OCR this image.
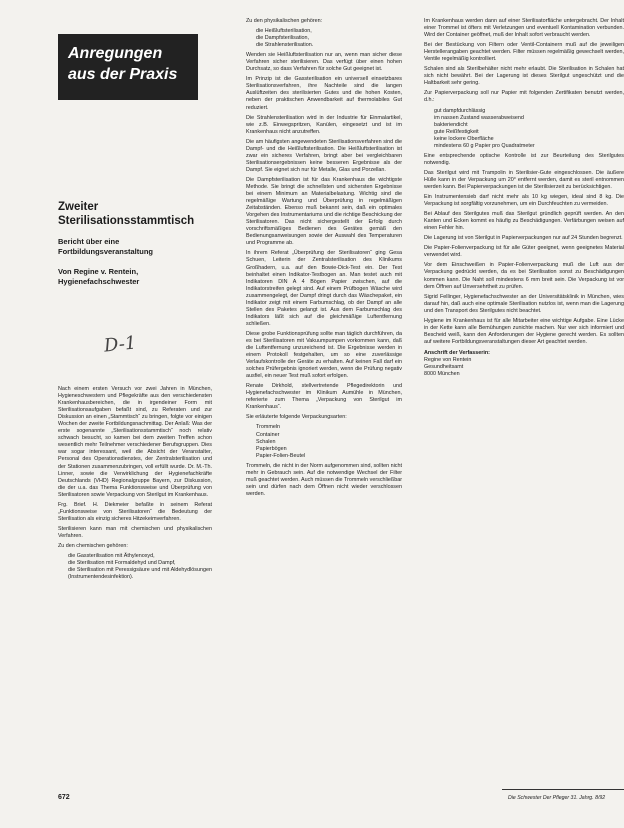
Anregungen
aus der Praxis
Zweiter Sterilisationsstammtisch
Bericht über eine Fortbildungsveranstaltung
Von Regine v. Rentein, Hygienefachschwester
D-1

Nach einem ersten Versuch vor zwei Jahren in München, Hygieneschwestern und Pflegekräfte aus den verschiedensten Krankenhausbereichen, die in irgendeiner Form mit Sterilisationsaufgaben befaßt sind, zu Referaten und zur Diskussion an einen „Stammtisch“ zu bringen, folgte vor einigen Wochen der zweite Fortbildungsnachmittag. Der Anlaß: Was der erste sogenannte „Sterilisationsstammtisch“ noch relativ schwach besucht, so kamen bei dem zweiten Treffen schon wesentlich mehr Teilnehmer verschiedener Berufsgruppen. Dies war sogar interessant, weil die Absicht der Veranstalter, Personal des Operationsdienstes, der Zentralsterilisation und der Stationen zusammenzubringen, voll erfüllt wurde. Dr. M.-Th. Linner, sowie die Verwirklichung der Hygienefachkräfte Deutschlands (VHD) Regionalgruppe Bayern, zur Diskussion, die der u.a. das Thema Funktionsweise und Überprüfung von Sterilisatoren sowie Verpackung von Sterilgut im Krankenhaus.

Frg. Brief. H. Diekmeier befaßte in seinem Referat „Funktionsweise von Sterilisatoren“ die Bedeutung der Sterilisation als einzig sicheres Hitzekeimverfahren.

Sterilisieren kann man mit chemischen und physikalischen Verfahren.

Zu den chemischen gehören:

die Gassterilisation mit Äthylenoxyd,
die Sterilisation mit Formaldehyd und Dampf,
die Sterilisation mit Peressigsäure und mit Aldehydlösungen (Instrumentendesinfektion).

Zu den physikalischen gehören:

die Heißluftsterilisation,
die Dampfsterilisation,
die Strahlensterilisation.

Wenden sie Heißluftsterilisation nur an, wenn man sicher diese Verfahren sicher sterilisieren. Das verfügt über einen hohen Durchsatz, so dass Verfahren für solche Gut geeignet ist.

Im Prinzip ist die Gassterilisation ein universell einsetzbares Sterilisationsverfahren, ihre Nachteile sind die langen Auslüftzeiten des sterilisierten Gutes und die hohen Kosten, neben der praktischen Anwendbarkeit auf thermolabiles Gut reduziert.

Die Strahlensterilisation wird in der Industrie für Einmalartikel, wie z.B. Einwegspritzen, Kanülen, eingesetzt und ist im Krankenhaus nicht anzutreffen.

Die am häufigsten angewendeten Sterilisationsverfahren sind die Dampf- und die Heißluftsterilisation. Die Heißluftsterilisation ist zwar ein sicheres Verfahren, bringt aber bei vergleichbaren Sterilisationsergebnissen keine besseren Ergebnisse als der Dampf. Sie eignet sich nur für Metalle, Glas und Porzellan.

Die Dampfsterilisation ist für das Krankenhaus die wichtigste Methode. Sie bringt die schnellsten und sichersten Ergebnisse bei einem Minimum an Materialbelastung. Wichtig sind die regelmäßige Wartung und Überprüfung in regelmäßigen Zeitabständen. Ebenso muß bekannt sein, daß ein optimales Vorgehen des Instrumentariums und die richtige Beschickung der Sterilisatoren. Das nicht sichergestellt der Erfolg durch vorschriftsmäßiges Bedienen des Gerätes gemäß den Bedienungsanweisungen sowie der Auswahl des Temperaturen und Programme ab.

In ihrem Referat „Überprüfung der Sterilisatoren“ ging Gesa Schuen, Leiterin der Zentralsterilisation des Klinikums Großhadern, u.a. auf den Bowie-Dick-Test ein. Der Test beinhaltet einen Indikator-Testbogen an. Man testet auch mit Indikatoren DIN A 4 Bögen Papier zwischen, auf die Indikatorstreifen gelegt sind. Auf einem Prüfbogen Wäsche wird zusammengelegt, der Dampf dringt durch das Wäschepaket, ein Indikator zeigt mit einem Farbumschlag, ob der Dampf an alle Stellen des Paketes gelangt ist. Aus dem Farbumschlag des Indikators läßt sich auf die gleichmäßige Luftentfernung schließen.

Diese grobe Funktionsprüfung sollte man täglich durchführen, da es bei Sterilisatoren mit Vakuumpumpen vorkommen kann, daß die Luftentfernung unzureichend ist. Die Ergebnisse werden in einem Protokoll festgehalten, um so eine zuverlässige Verlaufskontrolle der Geräte zu erhalten. Auf keinen Fall darf ein solches Prüfergebnis ignoriert werden, wenn die Prüfung negativ ausfiel, ein neuer Test muß sofort erfolgen.

Renate Dirkhold, stellvertretende Pflegedirektorin und Hygienefachschwester im Klinikum Aumühle in München, referierte zum Thema „Verpackung von Sterilgut im Krankenhaus“.

Sie erläuterte folgende Verpackungsarten:

Trommeln
Container
Schalen
Papierbögen
Papier-Folien-Beutel

Trommeln, die nicht in der Norm aufgenommen sind, sollten nicht mehr in Gebrauch sein. Auf die notwendige Wechsel der Filter muß geachtet werden. Auch müssen die Trommeln verschließbar sein und dürfen nach dem Öffnen nicht wieder verschlossen werden.

Im Krankenhaus werden dann auf einer Sterilisatorfläche untergebracht. Der Inhalt einer Trommel ist öfters mit Verletzungen und eventuell Kontamination verbunden. Wird der Container geöffnet, muß der Inhalt sofort verbraucht werden.

Bei der Bestückung von Filtern oder Ventil-Containern muß auf die jeweiligen Herstellerangaben geachtet werden. Filter müssen regelmäßig gewechselt werden, Ventile regelmäßig kontrolliert.

Schalen sind als Sterilbehälter nicht mehr erlaubt. Die Sterilisation in Schalen hat sich nicht bewährt. Bei der Lagerung ist dieses Sterilgut ungeschützt und die Haltbarkeit sehr gering.

Zur Papierverpackung soll nur Papier mit folgenden Zertifikaten benutzt werden, d.h.:

gut dampfdurchlässig
im nassen Zustand wasserabweisend
bakteriendicht
gute Reißfestigkeit
keine lockere Oberfläche
mindestens 60 g Papier pro Quadratmeter

Eine entsprechende optische Kontrolle ist zur Beurteilung des Sterilgutes notwendig.

Das Sterilgut wird mit Trampolin in Sterilisier-Gute eingeschlossen. Die äußere Hülle kann in der Verpackung um 20° entfernt werden, damit es steril entnommen werden kann. Bei Papierverpackungen ist die Sterilisierzeit zu berücksichtigen.

Ein Instrumentensieb darf nicht mehr als 10 kg wiegen, ideal sind 8 kg. Die Verpackung ist sorgfältig vorzunehmen, um ein Durchfeuchten zu vermeiden.

Bei Ablauf des Sterilgutes muß das Sterilgut gründlich geprüft werden. An den Kanten und Ecken kommt es häufig zu Beschädigungen. Verfärbungen weisen auf einen Fehler hin.

Die Lagerung ist von Sterilgut in Papierverpackungen nur auf 24 Stunden begrenzt.

Die Papier-Folienverpackung ist für alle Güter geeignet, wenn geeignetes Material verwendet wird.

Vor dem Einschweißen in Papier-Folienverpackung muß die Luft aus der Verpackung gedrückt werden, da es bei Sterilisation sonst zu Beschädigungen kommen kann. Die Naht soll mindestens 6 mm breit sein. Die Verpackung ist vor dem Öffnen auf Unversehrtheit zu prüfen.

Sigrid Fellinger, Hygienefachschwester an der Universitätsklinik in München, wies darauf hin, daß auch eine optimale Sterilisation nutzlos ist, wenn man die Lagerung und den Transport des Sterilgutes nicht beachtet.

Hygiene im Krankenhaus ist für alle Mitarbeiter eine wichtige Aufgabe. Eine Lücke in der Kette kann alle Bemühungen zunichte machen. Nur wer sich informiert und Bescheid weiß, kann den Anforderungen der Hygiene gerecht werden. Es sollten auf weitere Fortbildungsveranstaltungen dieser Art geachtet werden.

Anschrift der Verfasserin:
Regine von Rentein
Gesundheitsamt
8000 München
672	Die Schwester Der Pfleger 31. Jahrg. 8/92
